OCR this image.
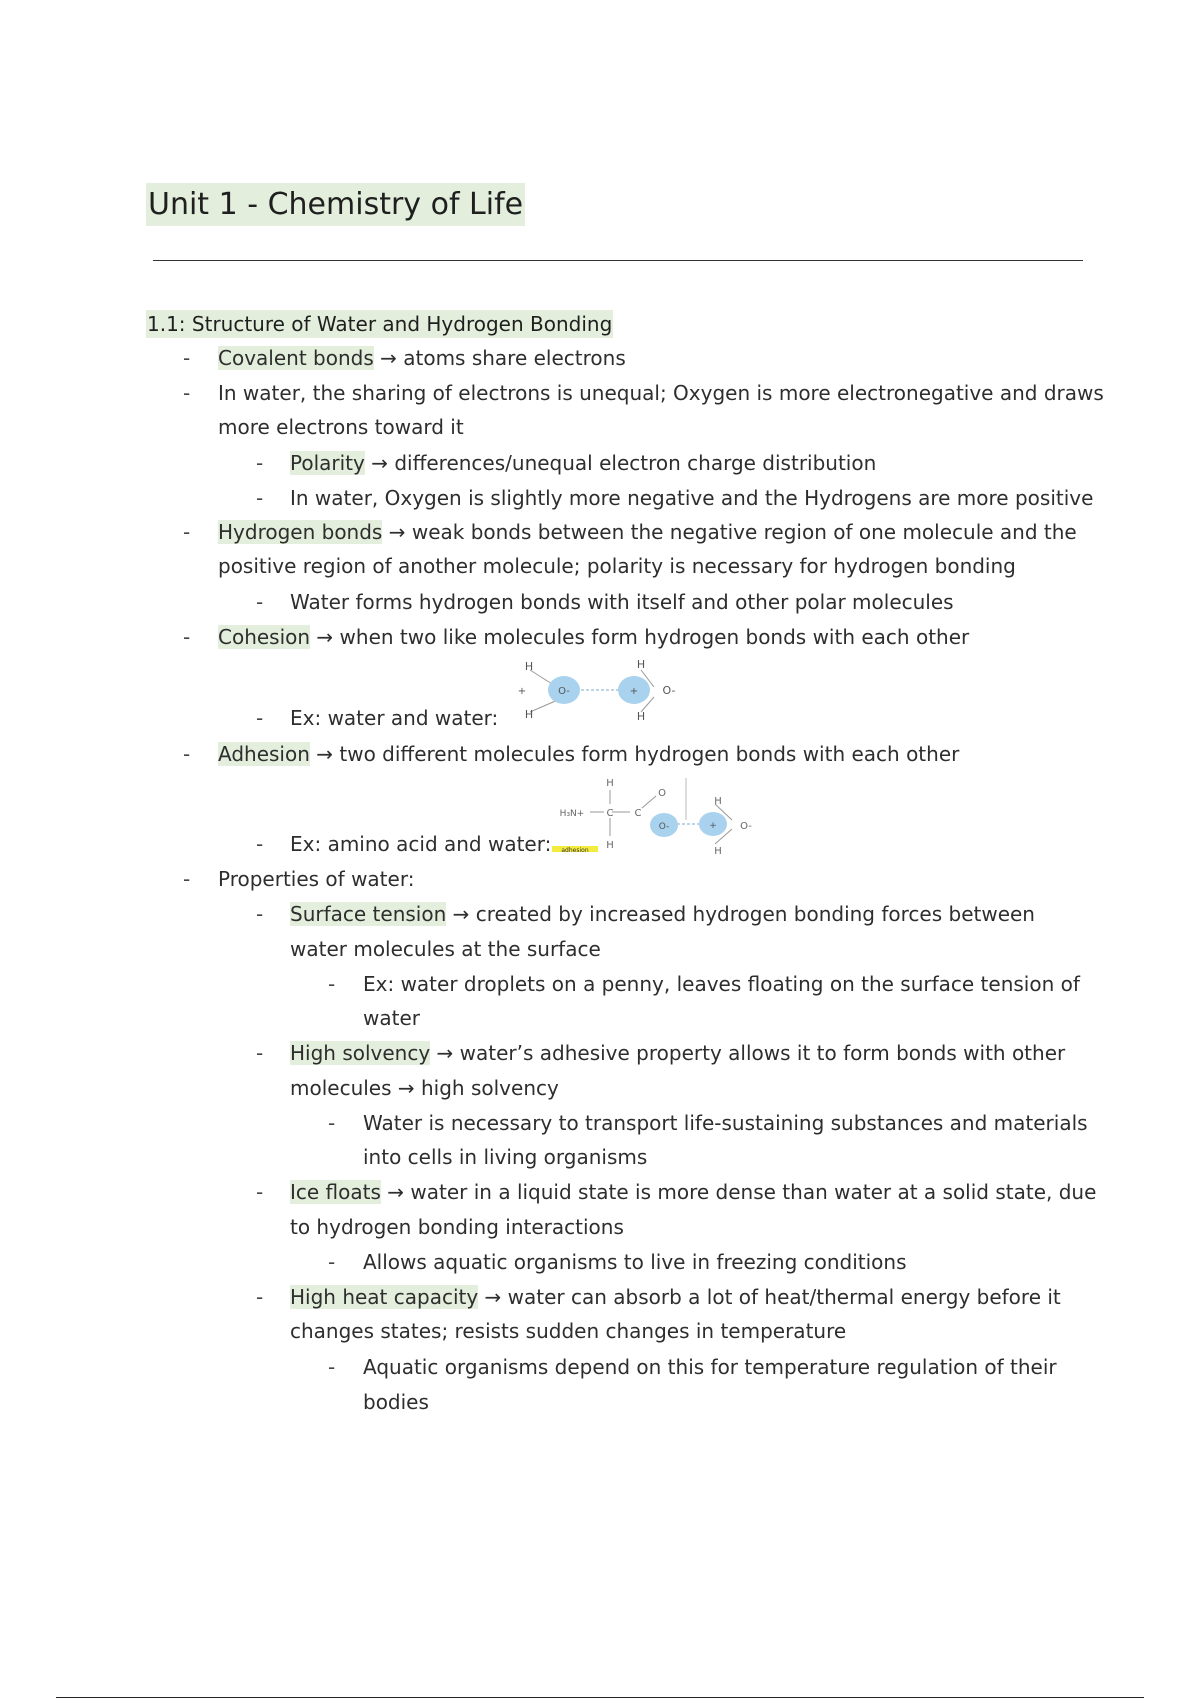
Unit 1 - Chemistry of Life
1.1: Structure of Water and Hydrogen Bonding
- Covalent bonds → atoms share electrons
- In water, the sharing of electrons is unequal; Oxygen is more electronegative and draws
more electrons toward it
- Polarity → differences/unequal electron charge distribution
- In water, Oxygen is slightly more negative and the Hydrogens are more positive
- Hydrogen bonds → weak bonds between the negative region of one molecule and the
positive region of another molecule; polarity is necessary for hydrogen bonding
- Water forms hydrogen bonds with itself and other polar molecules
- Cohesion → when two like molecules form hydrogen bonds with each other
- Ex: water and water:
H
H
+	O-	+
H
H
O-
- Adhesion → two different molecules form hydrogen bonds with each other
- Ex: amino acid and water:
H₃N+
H
C
H
C
O
O-	+
H
H
O-
adhesion
- Properties of water:
- Surface tension → created by increased hydrogen bonding forces between
water molecules at the surface
- Ex: water droplets on a penny, leaves floating on the surface tension of
water
- High solvency → water’s adhesive property allows it to form bonds with other
molecules → high solvency
- Water is necessary to transport life-sustaining substances and materials
into cells in living organisms
- Ice floats → water in a liquid state is more dense than water at a solid state, due
to hydrogen bonding interactions
- Allows aquatic organisms to live in freezing conditions
- High heat capacity → water can absorb a lot of heat/thermal energy before it
changes states; resists sudden changes in temperature
- Aquatic organisms depend on this for temperature regulation of their
bodies
